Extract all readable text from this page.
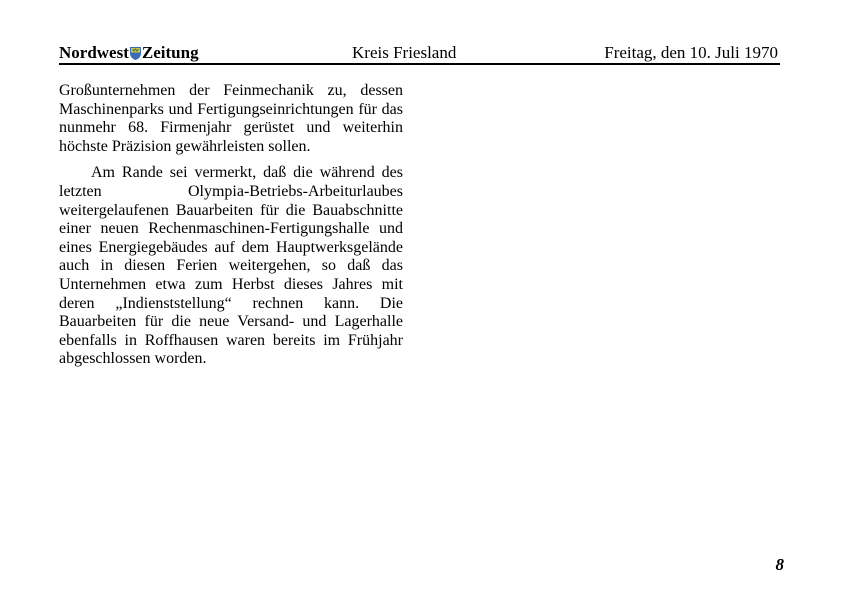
Nordwest Zeitung	Kreis Friesland	Freitag, den 10. Juli 1970

Großunternehmen der Feinmechanik zu, dessen Maschinenparks und Fertigungseinrichtungen für das nunmehr 68. Firmenjahr gerüstet und weiterhin höchste Präzision gewährleisten sollen.

Am Rande sei vermerkt, daß die während des letzten Olympia-Betriebs-Arbeiturlaubes weitergelaufenen Bauarbeiten für die Bauabschnitte einer neuen Rechenmaschinen-Fertigungshalle und eines Energiegebäudes auf dem Hauptwerksgelände auch in diesen Ferien weitergehen, so daß das Unternehmen etwa zum Herbst dieses Jahres mit deren „Indienststellung“ rechnen kann. Die Bauarbeiten für die neue Versand- und Lagerhalle ebenfalls in Roffhausen waren bereits im Frühjahr abgeschlossen worden.

8
